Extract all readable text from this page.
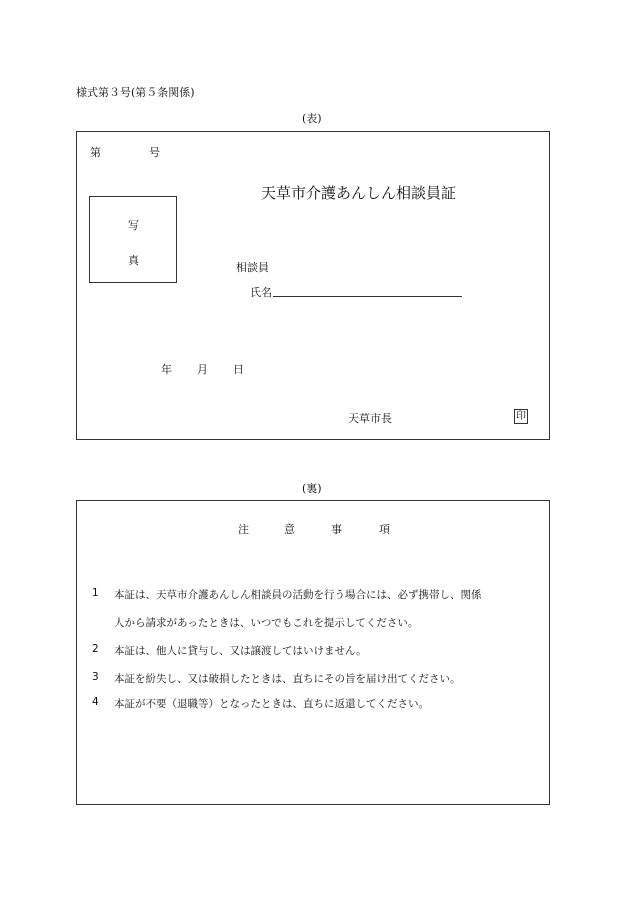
様式第３号(第５条関係)
(表)
第	号
天草市介護あんしん相談員証
写
真
相談員
氏名
年 月 日
天草市長	印
(裏)
注	意	事	項
1 本証は、天草市介護あんしん相談員の活動を行う場合には、必ず携帯し、関係
人から請求があったときは、いつでもこれを提示してください。
2 本証は、他人に貸与し、又は譲渡してはいけません。
3 本証を紛失し、又は破損したときは、直ちにその旨を届け出てください。
4 本証が不要（退職等）となったときは、直ちに返還してください。
